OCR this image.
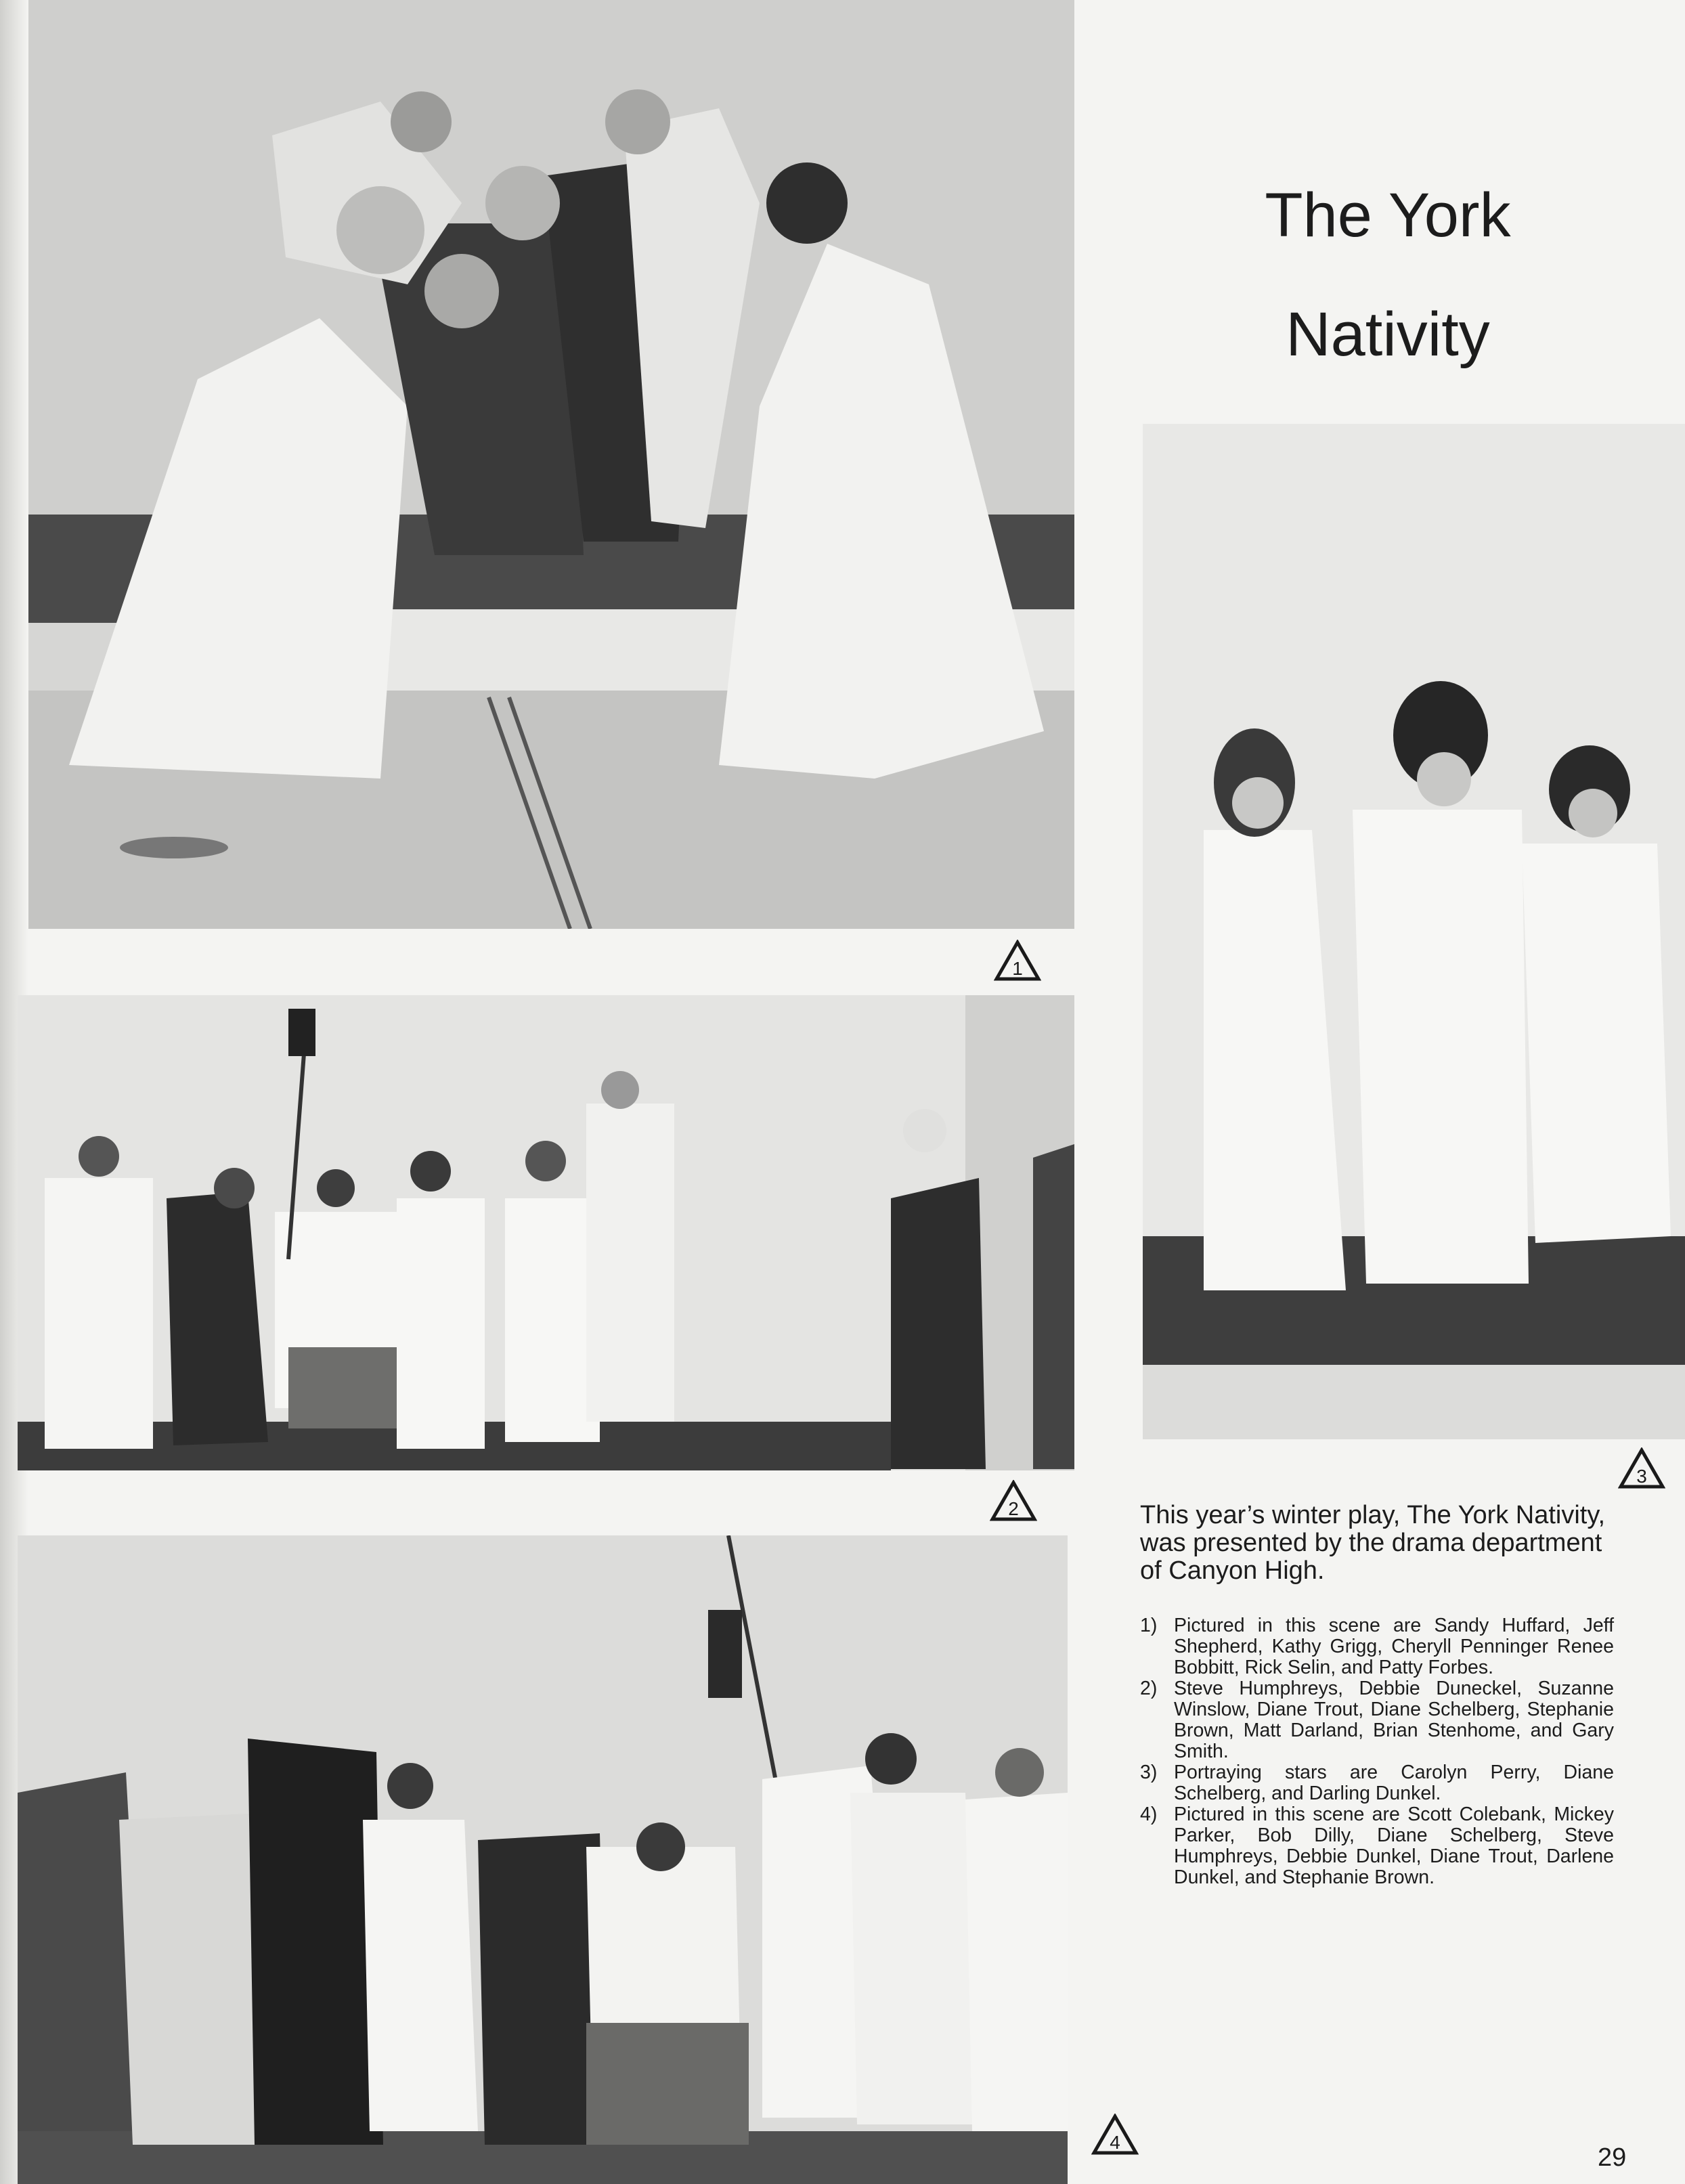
1
2
3
4
The York
Nativity
This year’s winter play, The York Nativity, was presented by the drama department of Canyon High.
1) Pictured in this scene are Sandy Huffard, Jeff Shepherd, Kathy Grigg, Cheryll Penninger Renee Bobbitt, Rick Selin, and Patty Forbes.
2) Steve Humphreys, Debbie Duneckel, Suzanne Winslow, Diane Trout, Diane Schelberg, Stephanie Brown, Matt Darland, Brian Stenhome, and Gary Smith.
3) Portraying stars are Carolyn Perry, Diane Schelberg, and Darling Dunkel.
4) Pictured in this scene are Scott Colebank, Mickey Parker, Bob Dilly, Diane Schelberg, Steve Humphreys, Debbie Dunkel, Diane Trout, Darlene Dunkel, and Stephanie Brown.
29
